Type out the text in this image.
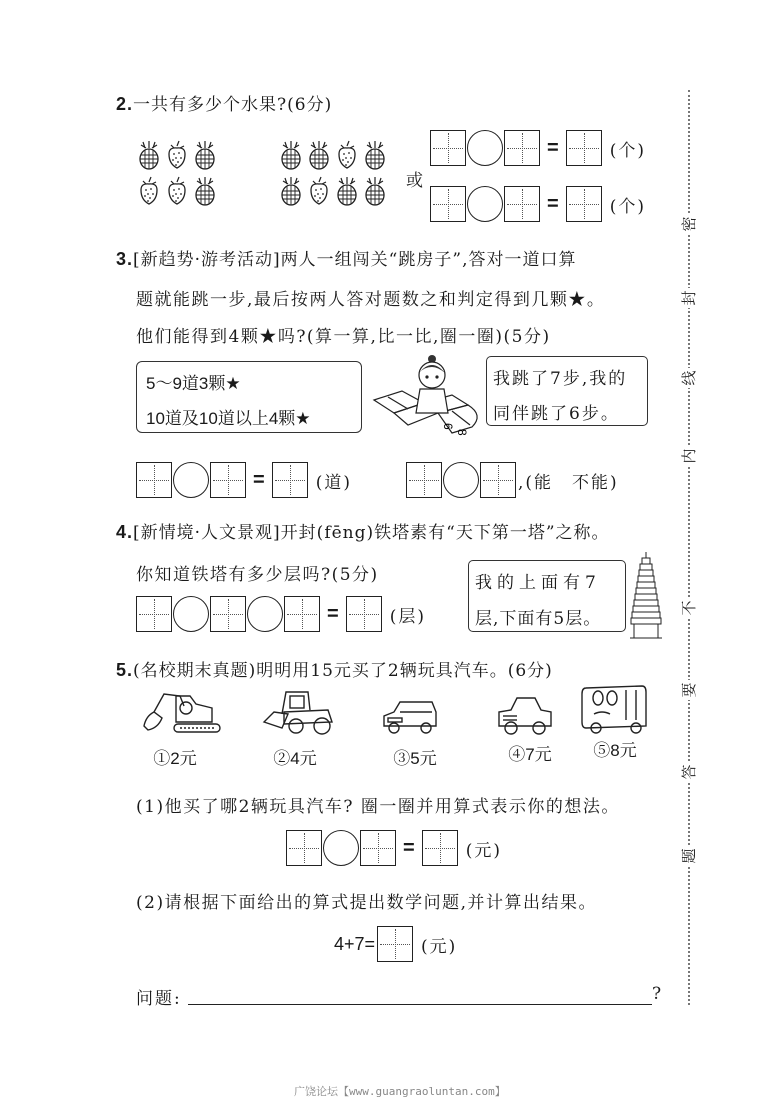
2.一共有多少个水果?(6分)
或
=	(个)
=	(个)
3.[新趋势·游考活动]两人一组闯关“跳房子”,答对一道口算
题就能跳一步,最后按两人答对题数之和判定得到几颗★。
他们能得到4颗★吗?(算一算,比一比,圈一圈)(5分)
5～9道3颗★
10道及10道以上4颗★	6
8
我跳了7步,我的
同伴跳了6步。
=	(道)	,(能　不能)
4.[新情境·人文景观]开封(fēng)铁塔素有“天下第一塔”之称。
你知道铁塔有多少层吗?(5分)
=	(层)
我的上面有7
层,下面有5层。
5.(名校期末真题)明明用15元买了2辆玩具汽车。(6分)
①2元	②4元	③5元	④7元	⑤8元
(1)他买了哪2辆玩具汽车? 圈一圈并用算式表示你的想法。
=	(元)
(2)请根据下面给出的算式提出数学问题,并计算出结果。
4+7=	(元)
问题:	?
密
封
线
内
不
要
答
题
广饶论坛【www.guangraoluntan.com】
